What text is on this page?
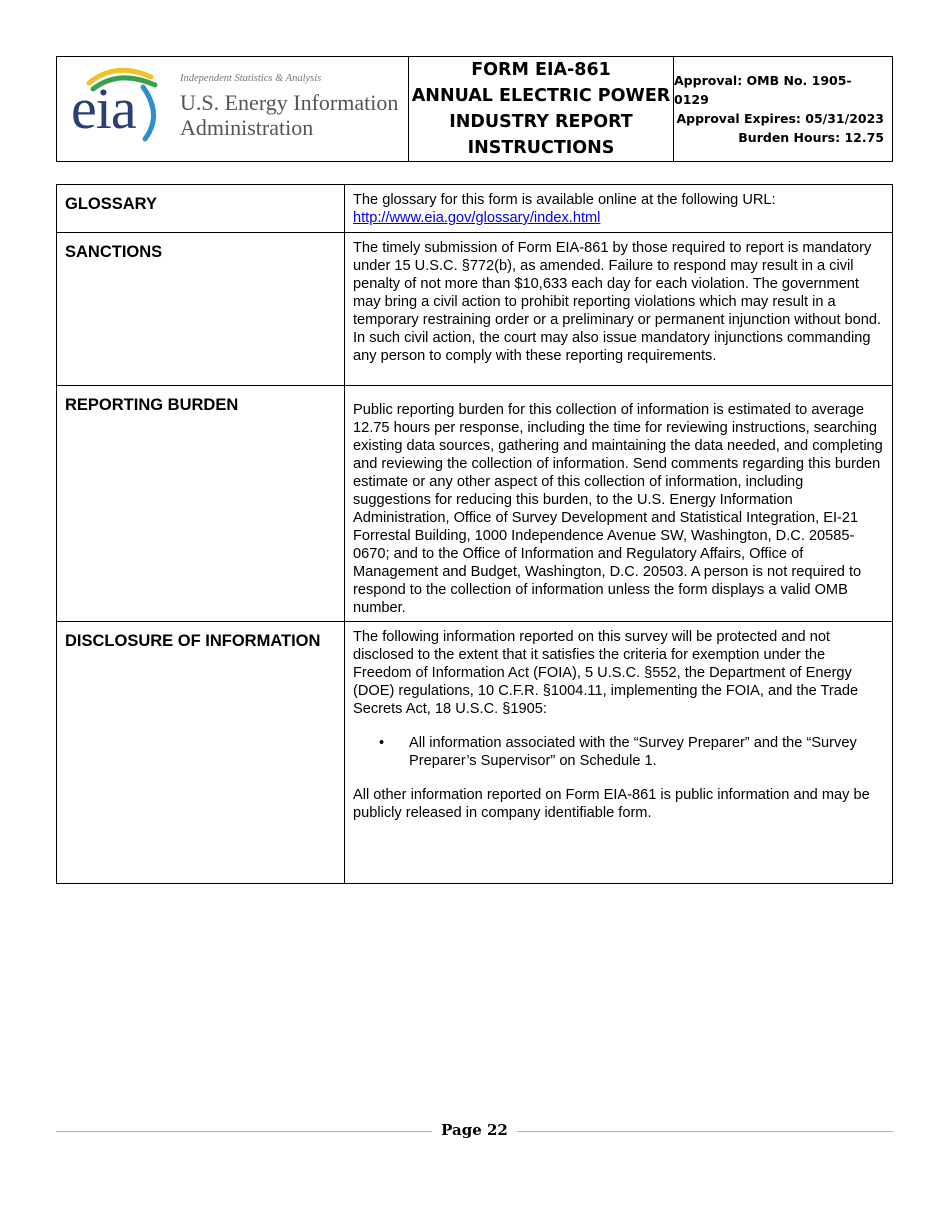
eia	Independent Statistics & Analysis
U.S. Energy Information
Administration
FORM EIA-861
ANNUAL ELECTRIC POWER
INDUSTRY REPORT
INSTRUCTIONS
Approval: OMB No. 1905-0129
Approval Expires: 05/31/2023
Burden Hours: 12.75
GLOSSARY	The glossary for this form is available online at the following URL:

http://www.eia.gov/glossary/index.html
SANCTIONS	The timely submission of Form EIA-861 by those required to report is mandatory under 15 U.S.C. §772(b), as amended. Failure to respond may result in a civil penalty of not more than $10,633 each day for each violation. The government may bring a civil action to prohibit reporting violations which may result in a temporary restraining order or a preliminary or permanent injunction without bond. In such civil action, the court may also issue mandatory injunctions commanding any person to comply with these reporting requirements.

REPORTING BURDEN	Public reporting burden for this collection of information is estimated to average 12.75 hours per response, including the time for reviewing instructions, searching existing data sources, gathering and maintaining the data needed, and completing and reviewing the collection of information. Send comments regarding this burden estimate or any other aspect of this collection of information, including suggestions for reducing this burden, to the U.S. Energy Information Administration, Office of Survey Development and Statistical Integration, EI-21 Forrestal Building, 1000 Independence Avenue SW, Washington, D.C. 20585-0670; and to the Office of Information and Regulatory Affairs, Office of Management and Budget, Washington, D.C. 20503. A person is not required to respond to the collection of information unless the form displays a valid OMB number.

DISCLOSURE OF INFORMATION	The following information reported on this survey will be protected and not disclosed to the extent that it satisfies the criteria for exemption under the Freedom of Information Act (FOIA), 5 U.S.C. §552, the Department of Energy (DOE) regulations, 10 C.F.R. §1004.11, implementing the FOIA, and the Trade Secrets Act, 18 U.S.C. §1905:

•	All information associated with the “Survey Preparer” and the “Survey Preparer’s Supervisor” on Schedule 1.

All other information reported on Form EIA-861 is public information and may be publicly released in company identifiable form.

Page 22
